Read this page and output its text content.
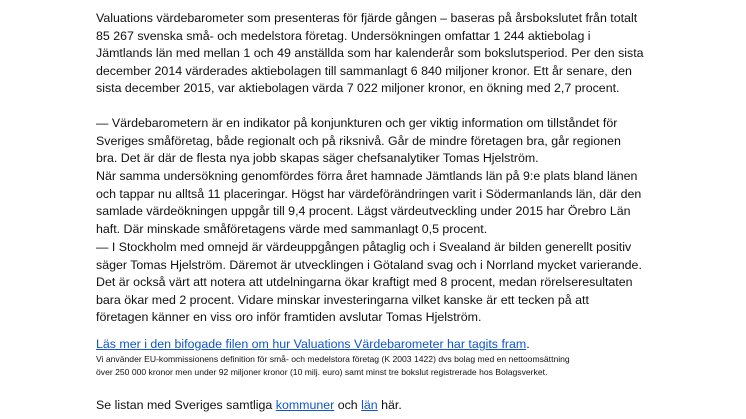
Valuations värdebarometer som presenteras för fjärde gången – baseras på årsbokslutet från totalt
85 267 svenska små- och medelstora företag. Undersökningen omfattar 1 244 aktiebolag i
Jämtlands län med mellan 1 och 49 anställda som har kalenderår som bokslutsperiod. Per den sista
december 2014 värderades aktiebolagen till sammanlagt 6 840 miljoner kronor. Ett år senare, den
sista december 2015, var aktiebolagen värda 7 022 miljoner kronor, en ökning med 2,7 procent.
— Värdebarometern är en indikator på konjunkturen och ger viktig information om tillståndet för
Sveriges småföretag, både regionalt och på riksnivå. Går de mindre företagen bra, går regionen
bra. Det är där de flesta nya jobb skapas säger chefsanalytiker Tomas Hjelström.
När samma undersökning genomfördes förra året hamnade Jämtlands län på 9:e plats bland länen
och tappar nu alltså 11 placeringar. Högst har värdeförändringen varit i Södermanlands län, där den
samlade värdeökningen uppgår till 9,4 procent. Lägst värdeutveckling under 2015 har Örebro Län
haft. Där minskade småföretagens värde med sammanlagt 0,5 procent.
— I Stockholm med omnejd är värdeuppgången påtaglig och i Svealand är bilden generellt positiv
säger Tomas Hjelström. Däremot är utvecklingen i Götaland svag och i Norrland mycket varierande.
Det är också värt att notera att utdelningarna ökar kraftigt med 8 procent, medan rörelseresultaten
bara ökar med 2 procent. Vidare minskar investeringarna vilket kanske är ett tecken på att
företagen känner en viss oro inför framtiden avslutar Tomas Hjelström.
Läs mer i den bifogade filen om hur Valuations Värdebarometer har tagits fram.
Vi använder EU-kommissionens definition för små- och medelstora företag (K 2003 1422) dvs bolag med en nettoomsättning
över 250 000 kronor men under 92 miljoner kronor (10 milj. euro) samt minst tre bokslut registrerade hos Bolagsverket.
Se listan med Sveriges samtliga kommuner och län här.
